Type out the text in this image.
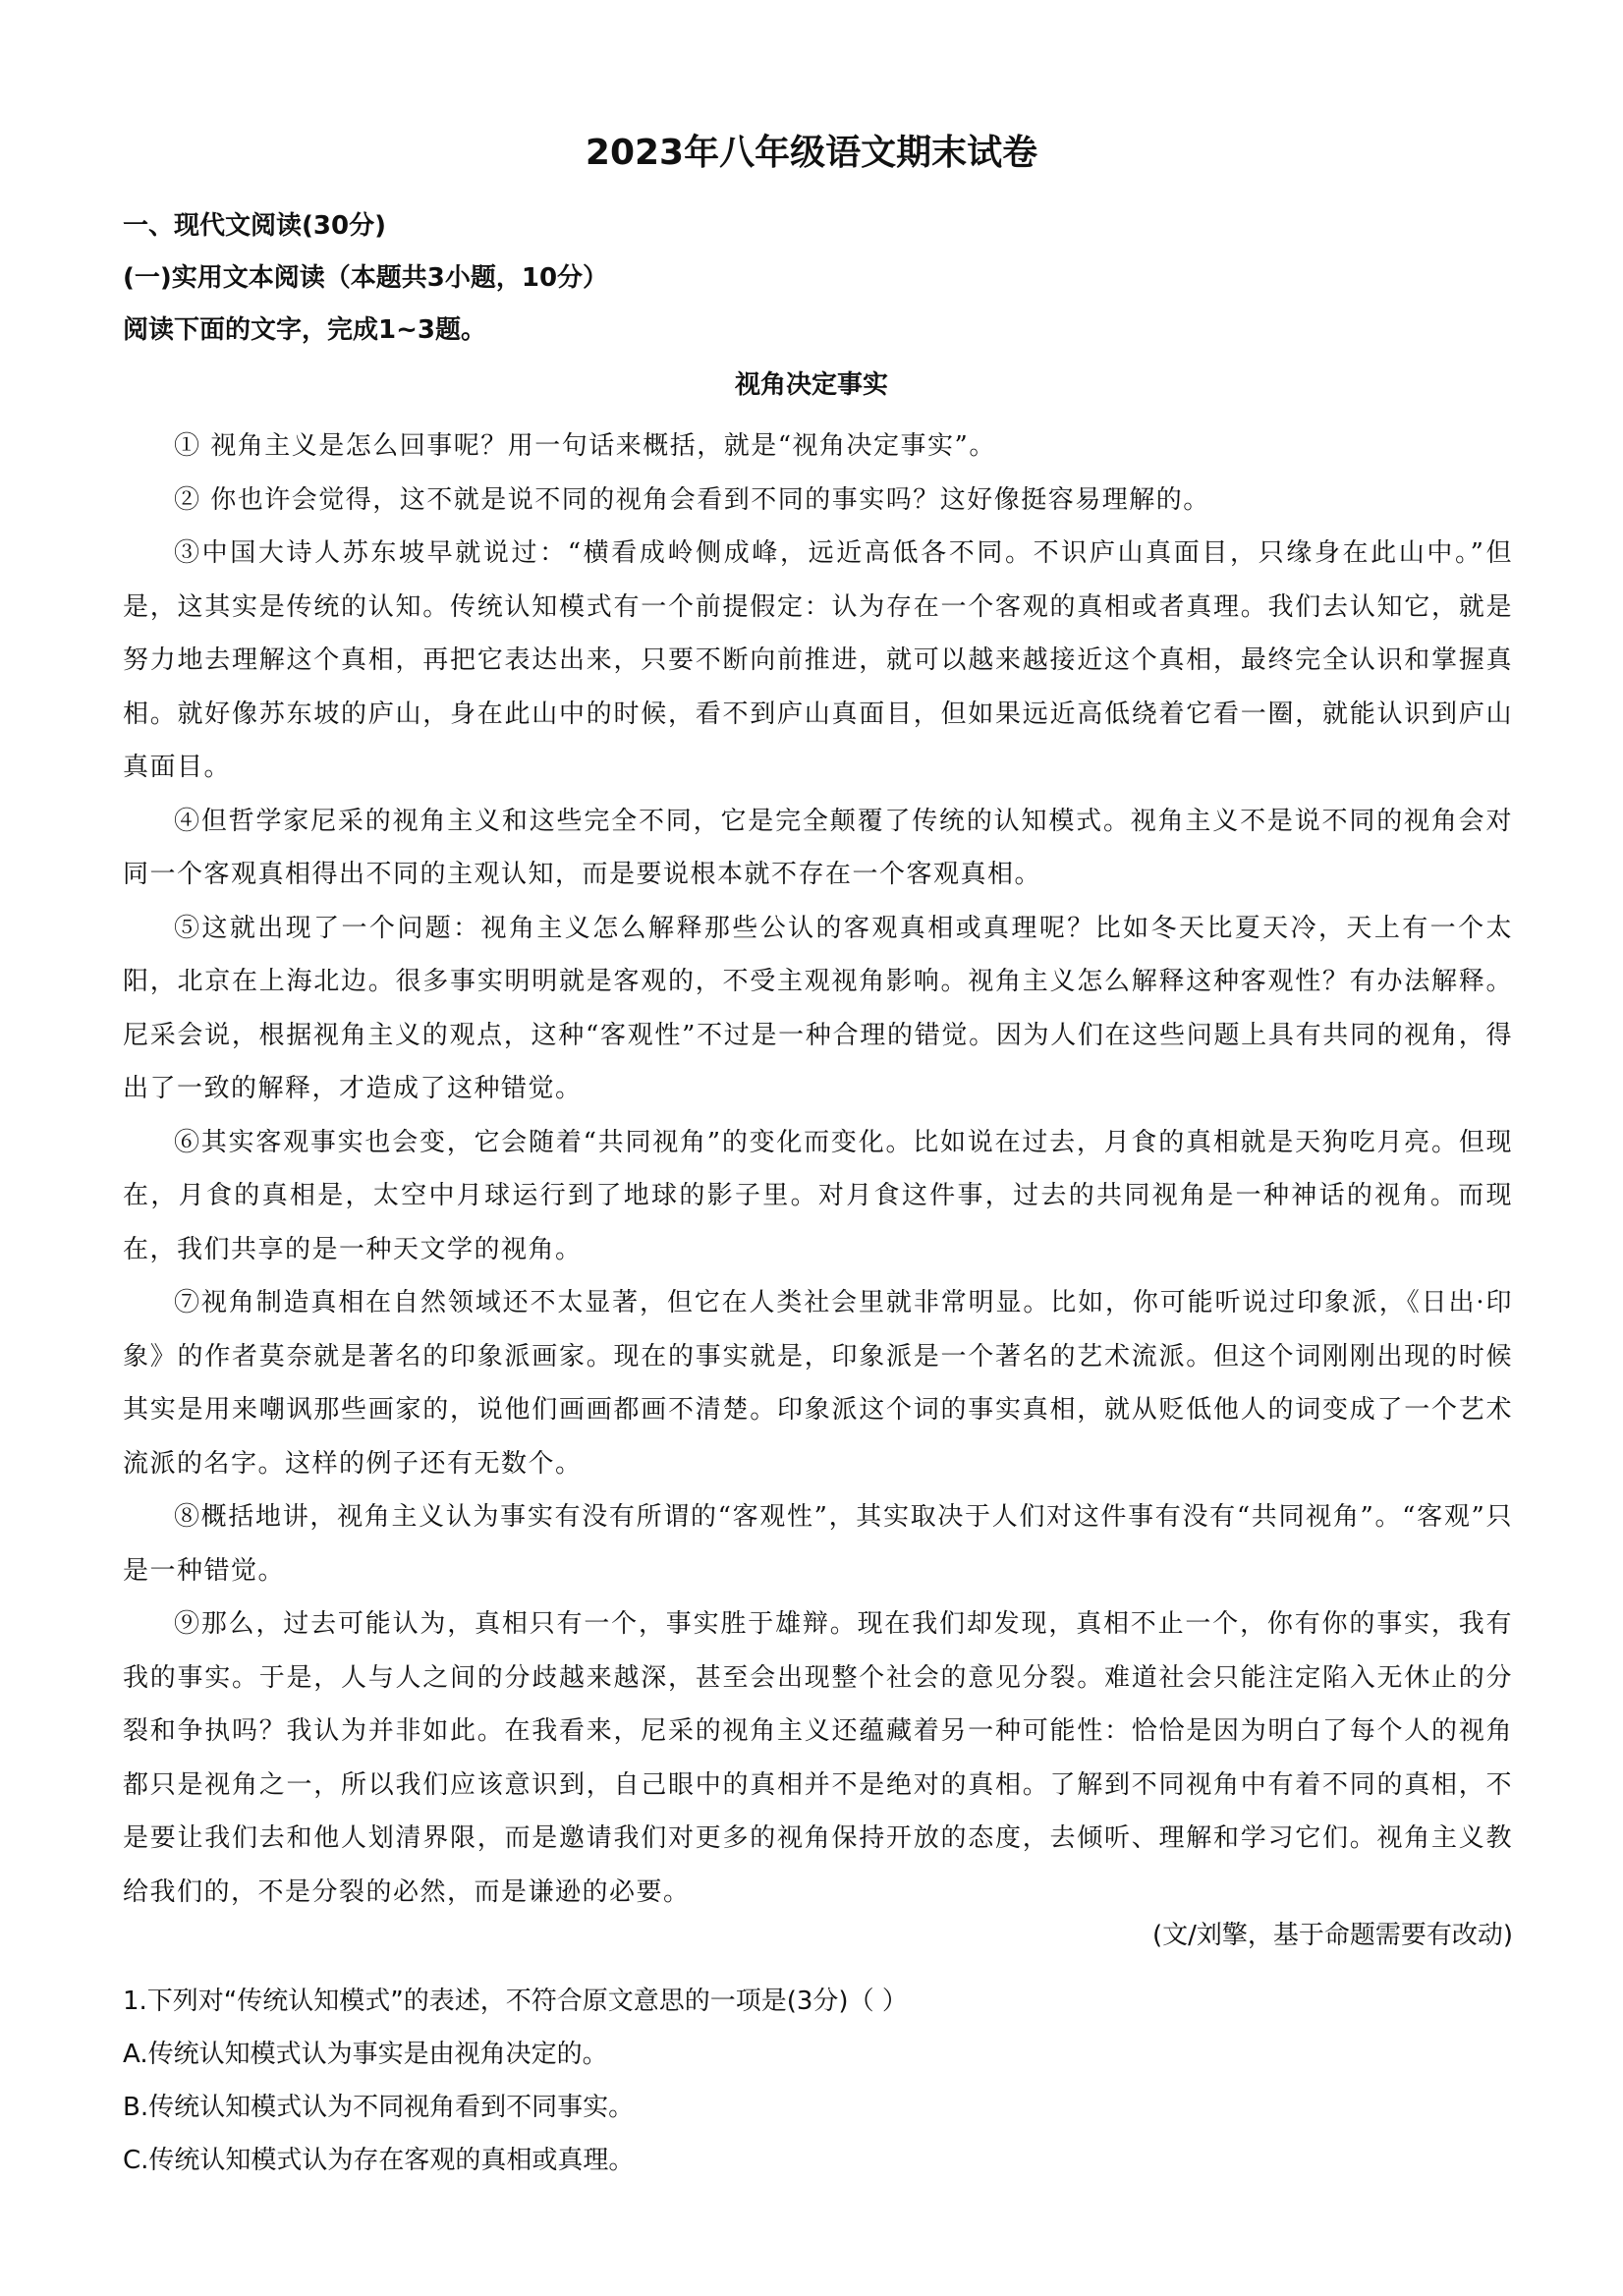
2023年八年级语文期末试卷
一、现代文阅读(30分)
(一)实用文本阅读（本题共3小题，10分）
阅读下面的文字，完成1~3题。
视角决定事实

① 视角主义是怎么回事呢？用一句话来概括，就是“视角决定事实”。

② 你也许会觉得，这不就是说不同的视角会看到不同的事实吗？这好像挺容易理解的。

③中国大诗人苏东坡早就说过：“横看成岭侧成峰，远近高低各不同。不识庐山真面目，只缘身在此山中。”但是，这其实是传统的认知。传统认知模式有一个前提假定：认为存在一个客观的真相或者真理。我们去认知它，就是努力地去理解这个真相，再把它表达出来，只要不断向前推进，就可以越来越接近这个真相，最终完全认识和掌握真相。就好像苏东坡的庐山，身在此山中的时候，看不到庐山真面目，但如果远近高低绕着它看一圈，就能认识到庐山真面目。

④但哲学家尼采的视角主义和这些完全不同，它是完全颠覆了传统的认知模式。视角主义不是说不同的视角会对同一个客观真相得出不同的主观认知，而是要说根本就不存在一个客观真相。

⑤这就出现了一个问题：视角主义怎么解释那些公认的客观真相或真理呢？比如冬天比夏天冷，天上有一个太阳，北京在上海北边。很多事实明明就是客观的，不受主观视角影响。视角主义怎么解释这种客观性？有办法解释。尼采会说，根据视角主义的观点，这种“客观性”不过是一种合理的错觉。因为人们在这些问题上具有共同的视角，得出了一致的解释，才造成了这种错觉。

⑥其实客观事实也会变，它会随着“共同视角”的变化而变化。比如说在过去，月食的真相就是天狗吃月亮。但现在，月食的真相是，太空中月球运行到了地球的影子里。对月食这件事，过去的共同视角是一种神话的视角。而现在，我们共享的是一种天文学的视角。

⑦视角制造真相在自然领域还不太显著，但它在人类社会里就非常明显。比如，你可能听说过印象派，《日出·印象》的作者莫奈就是著名的印象派画家。现在的事实就是，印象派是一个著名的艺术流派。但这个词刚刚出现的时候其实是用来嘲讽那些画家的，说他们画画都画不清楚。印象派这个词的事实真相，就从贬低他人的词变成了一个艺术流派的名字。这样的例子还有无数个。

⑧概括地讲，视角主义认为事实有没有所谓的“客观性”，其实取决于人们对这件事有没有“共同视角”。“客观”只是一种错觉。

⑨那么，过去可能认为，真相只有一个，事实胜于雄辩。现在我们却发现，真相不止一个，你有你的事实，我有我的事实。于是，人与人之间的分歧越来越深，甚至会出现整个社会的意见分裂。难道社会只能注定陷入无休止的分裂和争执吗？我认为并非如此。在我看来，尼采的视角主义还蕴藏着另一种可能性：恰恰是因为明白了每个人的视角都只是视角之一，所以我们应该意识到，自己眼中的真相并不是绝对的真相。了解到不同视角中有着不同的真相，不是要让我们去和他人划清界限，而是邀请我们对更多的视角保持开放的态度，去倾听、理解和学习它们。视角主义教给我们的，不是分裂的必然，而是谦逊的必要。

(文/刘擎，基于命题需要有改动)
1.下列对“传统认知模式”的表述，不符合原文意思的一项是(3分)（ ）
A.传统认知模式认为事实是由视角决定的。
B.传统认知模式认为不同视角看到不同事实。
C.传统认知模式认为存在客观的真相或真理。
